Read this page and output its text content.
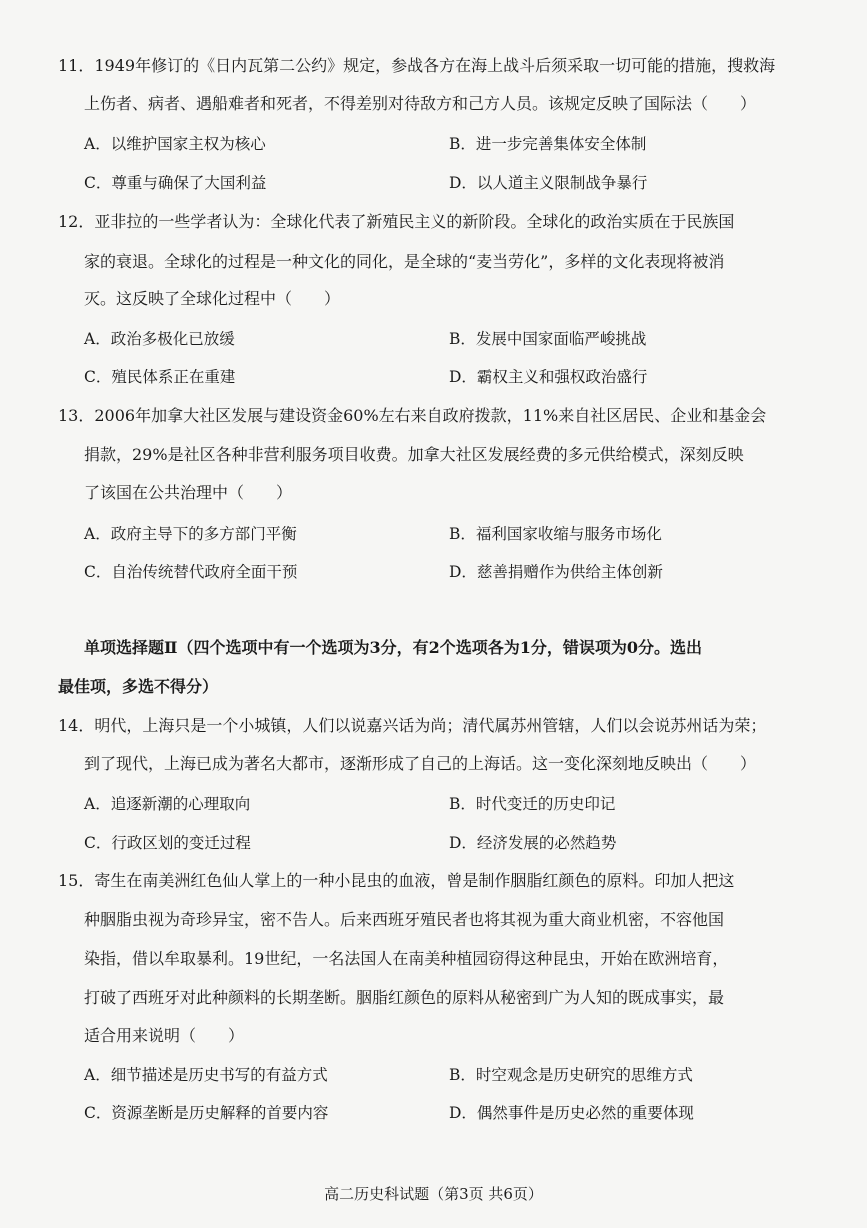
11．1949年修订的《日内瓦第二公约》规定，参战各方在海上战斗后须采取一切可能的措施，搜救海
上伤者、病者、遇船难者和死者，不得差别对待敌方和己方人员。该规定反映了国际法（　　）
A．以维护国家主权为核心	B．进一步完善集体安全体制
C．尊重与确保了大国利益	D．以人道主义限制战争暴行
12．亚非拉的一些学者认为：全球化代表了新殖民主义的新阶段。全球化的政治实质在于民族国
家的衰退。全球化的过程是一种文化的同化，是全球的“麦当劳化”，多样的文化表现将被消
灭。这反映了全球化过程中（　　）
A．政治多极化已放缓	B．发展中国家面临严峻挑战
C．殖民体系正在重建	D．霸权主义和强权政治盛行
13．2006年加拿大社区发展与建设资金60%左右来自政府拨款，11%来自社区居民、企业和基金会
捐款，29%是社区各种非营利服务项目收费。加拿大社区发展经费的多元供给模式，深刻反映
了该国在公共治理中（　　）
A．政府主导下的多方部门平衡	B．福利国家收缩与服务市场化
C．自治传统替代政府全面干预	D．慈善捐赠作为供给主体创新
单项选择题Ⅱ（四个选项中有一个选项为3分，有2个选项各为1分，错误项为0分。选出
最佳项，多选不得分）
14．明代，上海只是一个小城镇，人们以说嘉兴话为尚；清代属苏州管辖，人们以会说苏州话为荣；
到了现代，上海已成为著名大都市，逐渐形成了自己的上海话。这一变化深刻地反映出（　　）
A．追逐新潮的心理取向	B．时代变迁的历史印记
C．行政区划的变迁过程	D．经济发展的必然趋势
15．寄生在南美洲红色仙人掌上的一种小昆虫的血液，曾是制作胭脂红颜色的原料。印加人把这
种胭脂虫视为奇珍异宝，密不告人。后来西班牙殖民者也将其视为重大商业机密，不容他国
染指，借以牟取暴利。19世纪，一名法国人在南美种植园窃得这种昆虫，开始在欧洲培育，
打破了西班牙对此种颜料的长期垄断。胭脂红颜色的原料从秘密到广为人知的既成事实，最
适合用来说明（　　）
A．细节描述是历史书写的有益方式	B．时空观念是历史研究的思维方式
C．资源垄断是历史解释的首要内容	D．偶然事件是历史必然的重要体现
高二历史科试题（第3页 共6页）
